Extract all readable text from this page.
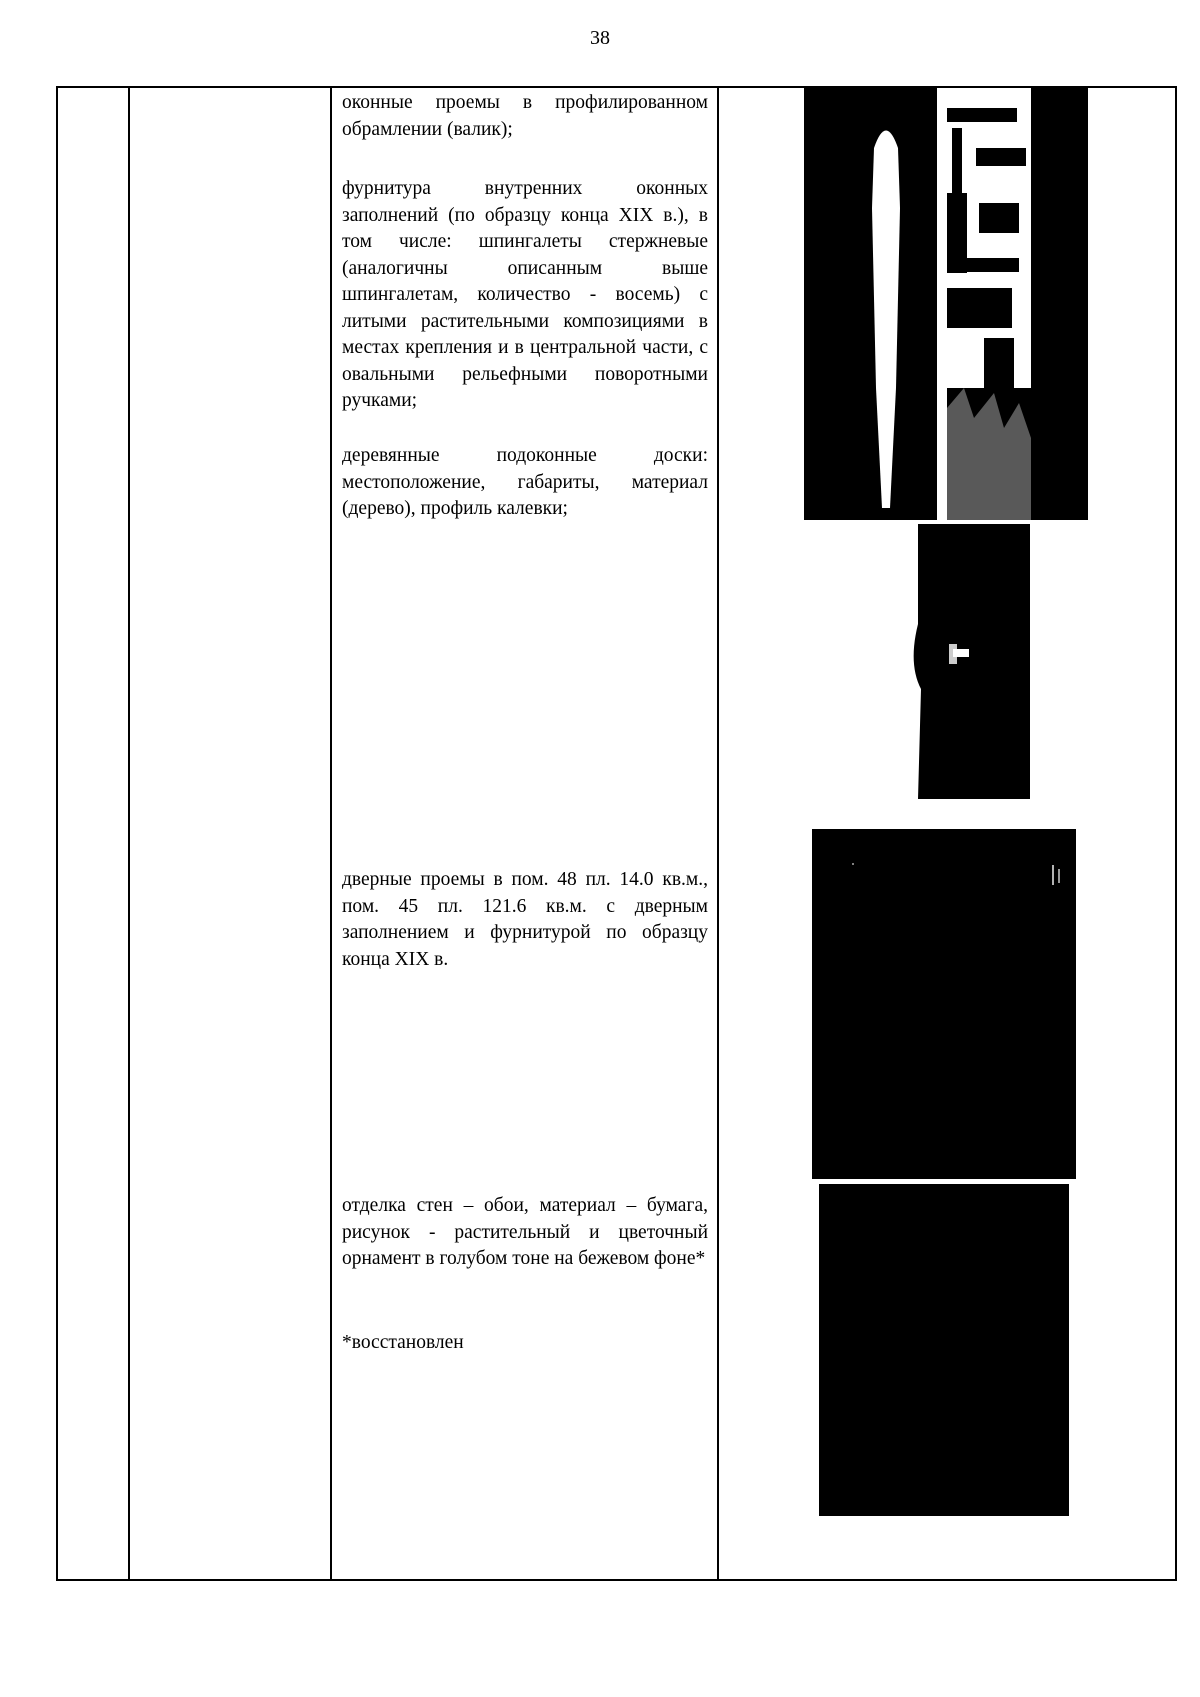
38

оконные проемы в профилированном обрамлении (валик);

фурнитура внутренних оконных заполнений (по образцу конца XIX в.), в том числе: шпингалеты стержневые (аналогичны описанным выше шпингалетам, количество - восемь) с литыми растительными композициями в местах крепления и в центральной части, с овальными рельефными поворотными ручками;

деревянные подоконные доски: местоположение, габариты, материал (дерево), профиль калевки;

дверные проемы в пом. 48 пл. 14.0 кв.м., пом. 45 пл. 121.6 кв.м. с дверным заполнением и фурнитурой по образцу конца XIX в.

отделка стен – обои, материал – бумага, рисунок - растительный и цветочный орнамент в голубом тоне на бежевом фоне*

*восстановлен
